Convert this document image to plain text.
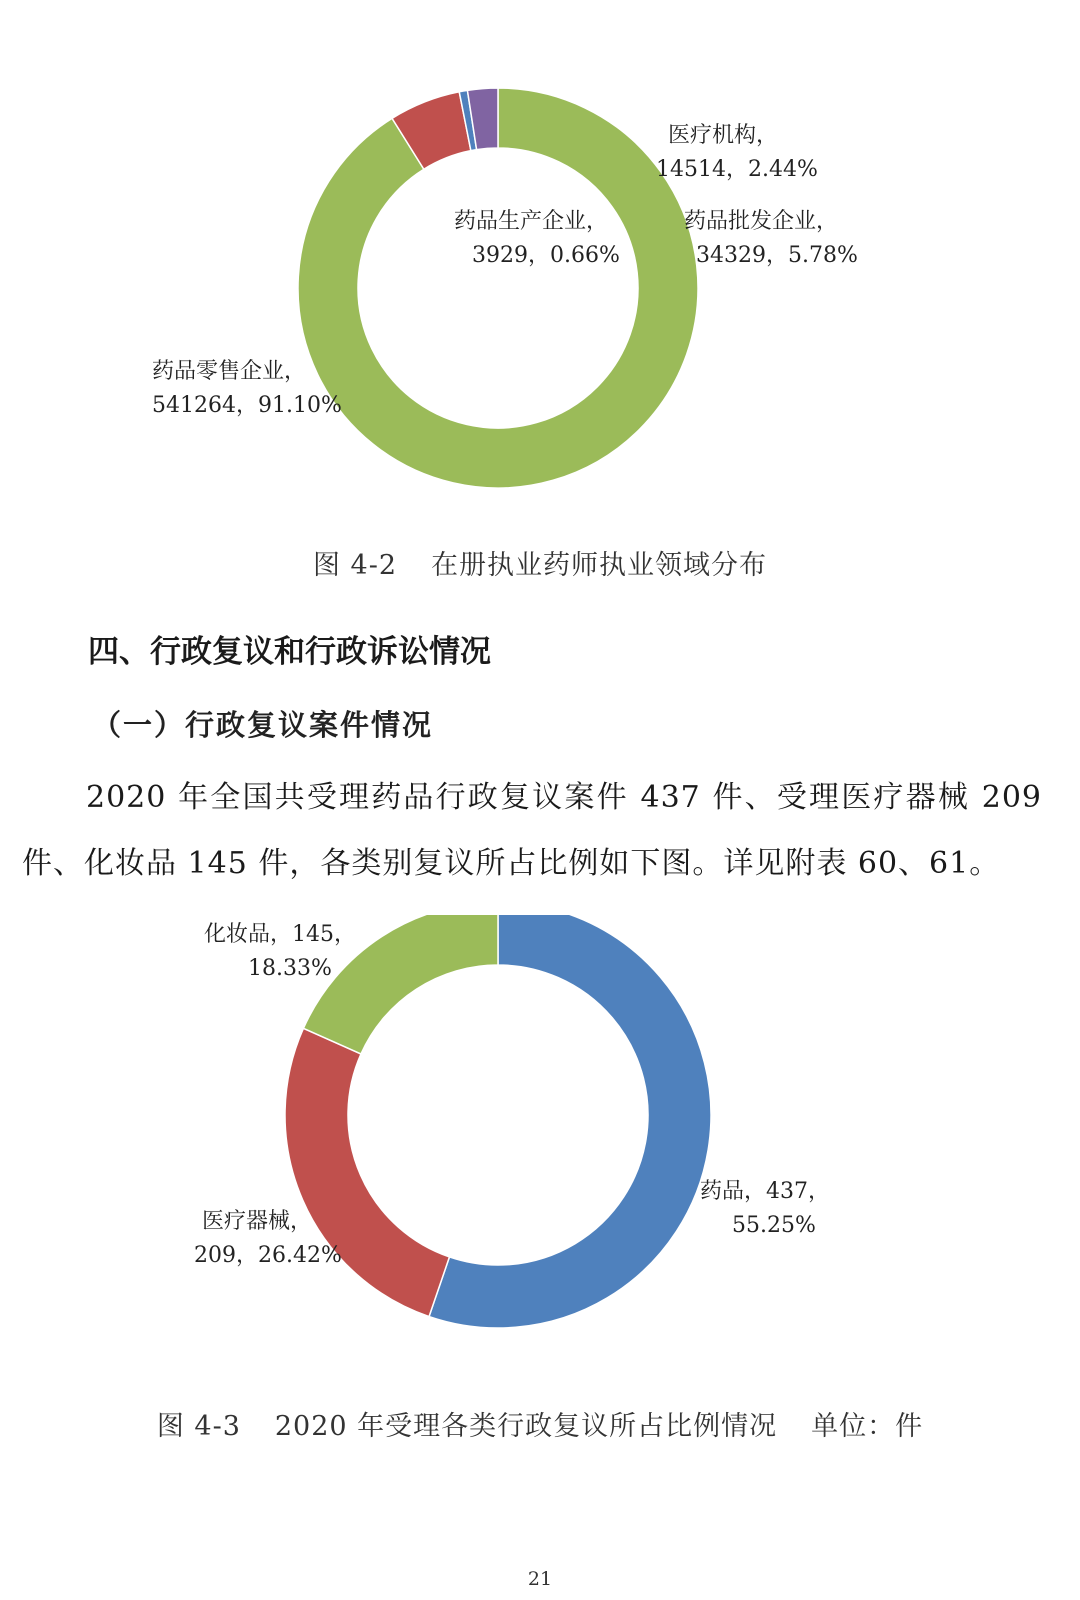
药品零售企业， 541264，91.10%
药品批发企业， 34329，5.78%
药品生产企业， 3929，0.66%
医疗机构， 14514，2.44%
图 4-2 在册执业药师执业领域分布
四、行政复议和行政诉讼情况
（一）行政复议案件情况

2020 年全国共受理药品行政复议案件 437 件、受理医疗器械 209 件、化妆品 145 件，各类别复议所占比例如下图。详见附表 60、61。

药品，437， 55.25%
医疗器械， 209，26.42%
化妆品，145， 18.33%
图 4-3 2020 年受理各类行政复议所占比例情况 单位：件
21
